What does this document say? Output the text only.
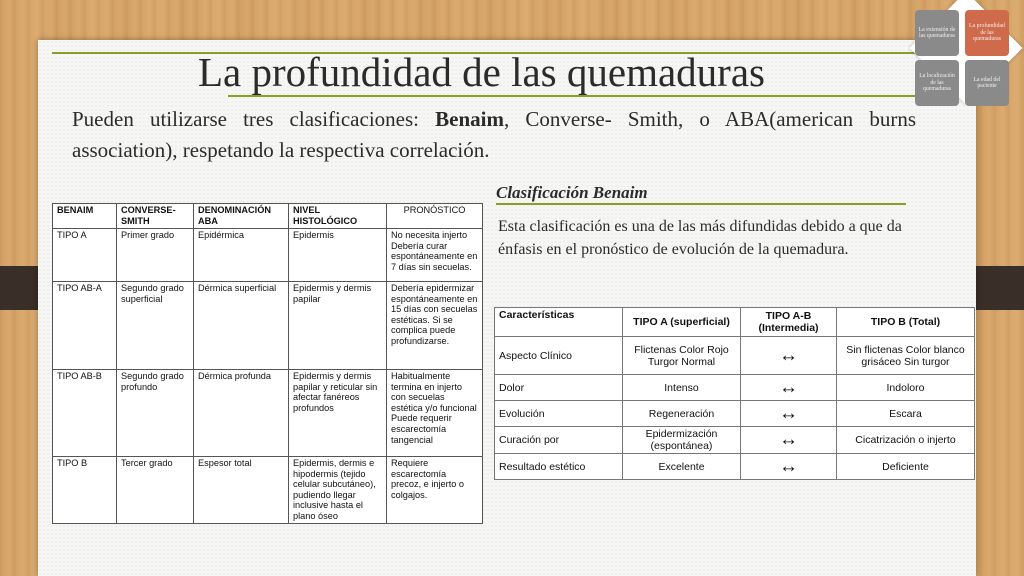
La profundidad de las quemaduras

Pueden utilizarse tres clasificaciones: Benaim, Converse- Smith, o ABA(american burns association), respetando la respectiva correlación.

Clasificación Benaim
Esta clasificación es una de las más difundidas debido a que da énfasis en el pronóstico de evolución de la quemadura.
BENAIM	CONVERSE-SMITH	DENOMINACIÓN ABA	NIVEL HISTOLÓGICO	PRONÓSTICO
TIPO A	Primer grado	Epidérmica	Epidermis	No necesita injerto Debería curar espontáneamente en 7 días sin secuelas.
TIPO AB-A	Segundo grado superficial	Dérmica superficial	Epidermis y dermis papilar	Debería epidermizar espontáneamente en 15 días con secuelas estéticas. Si se complica puede profundizarse.
TIPO AB-B	Segundo grado profundo	Dérmica profunda	Epidermis y dermis papilar y reticular sin afectar fanéreos profundos	Habitualmente termina en injerto con secuelas estética y/o funcional Puede requerir escarectomía tangencial
TIPO B	Tercer grado	Espesor total	Epidermis, dermis e hipodermis (tejido celular subcutáneo), pudiendo llegar inclusive hasta el plano óseo	Requiere escarectomía precoz, e injerto o colgajos.
Características	TIPO A (superficial)	TIPO A-B (Intermedia)	TIPO B (Total)
Aspecto Clínico	Flictenas Color Rojo Turgor Normal	↔	Sin flictenas Color blanco grisáceo Sin turgor
Dolor	Intenso	↔	Indoloro
Evolución	Regeneración	↔	Escara
Curación por	Epidermización (espontánea)	↔	Cicatrización o injerto
Resultado estético	Excelente	↔	Deficiente
La extensión de las quemaduras
La profundidad de las quemaduras
La localización de las quemaduras
La edad del paciente
